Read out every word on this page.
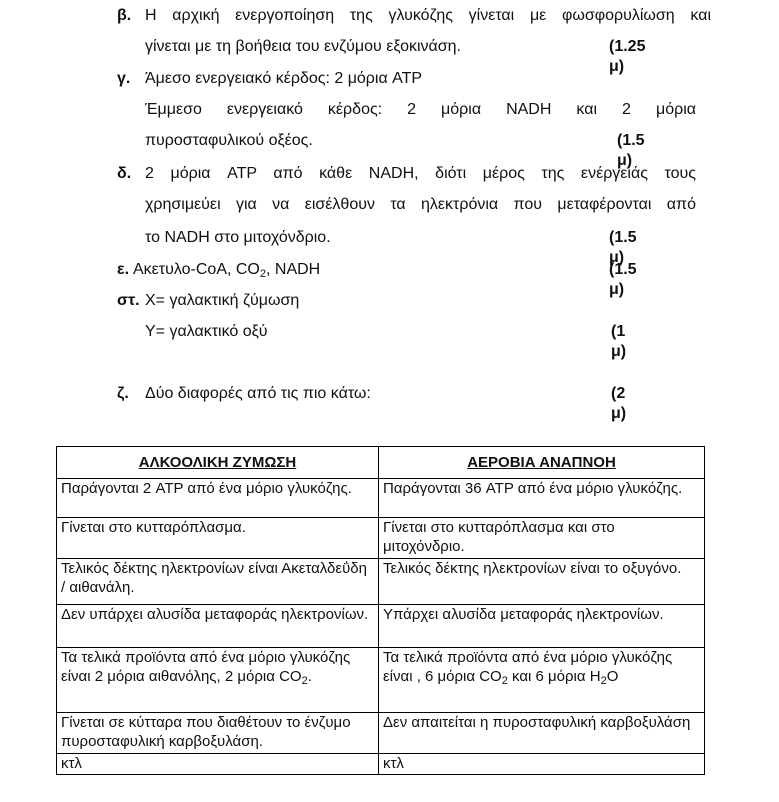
β. Η αρχική ενεργοποίηση της γλυκόζης γίνεται με φωσφορυλίωση και
γίνεται με τη βοήθεια του ενζύμου εξοκινάση.	(1.25 μ)
γ. Άμεσο ενεργειακό κέρδος: 2 μόρια ATP
Έμμεσο ενεργειακό κέρδος: 2 μόρια NADH και 2 μόρια
πυροσταφυλικού οξέος.	(1.5 μ)
δ. 2 μόρια ATP από κάθε NADH, διότι μέρος της ενέργειάς τους
χρησιμεύει για να εισέλθουν τα ηλεκτρόνια που μεταφέρονται από
το NADH στο μιτοχόνδριο.	(1.5 μ)
ε. Ακετυλο-CoA, $CO_2$, NADH	(1.5 μ)
στ. X= γαλακτική ζύμωση
Y= γαλακτικό οξύ	(1 μ)
ζ. Δύο διαφορές από τις πιο κάτω:	(2 μ)
ΑΛΚΟΟΛΙΚΗ ΖΥΜΩΣΗ	ΑΕΡΟΒΙΑ ΑΝΑΠΝΟΗ
Παράγονται 2 ATP από ένα μόριο γλυκόζης.	Παράγονται 36 ATP από ένα μόριο γλυκόζης.
Γίνεται στο κυτταρόπλασμα.	Γίνεται στο κυτταρόπλασμα και στο μιτοχόνδριο.
Τελικός δέκτης ηλεκτρονίων είναι Ακεταλδεΰδη / αιθανάλη.	Τελικός δέκτης ηλεκτρονίων είναι το οξυγόνο.
Δεν υπάρχει αλυσίδα μεταφοράς ηλεκτρονίων.	Υπάρχει αλυσίδα μεταφοράς ηλεκτρονίων.
Τα τελικά προϊόντα από ένα μόριο γλυκόζης είναι 2 μόρια αιθανόλης, 2 μόρια $CO_2$.	Τα τελικά προϊόντα από ένα μόριο γλυκόζης είναι , 6 μόρια $CO_2$ και 6 μόρια $H_2O$
Γίνεται σε κύτταρα που διαθέτουν το ένζυμο πυροσταφυλική καρβοξυλάση.	Δεν απαιτείται η πυροσταφυλική καρβοξυλάση
κτλ	κτλ
